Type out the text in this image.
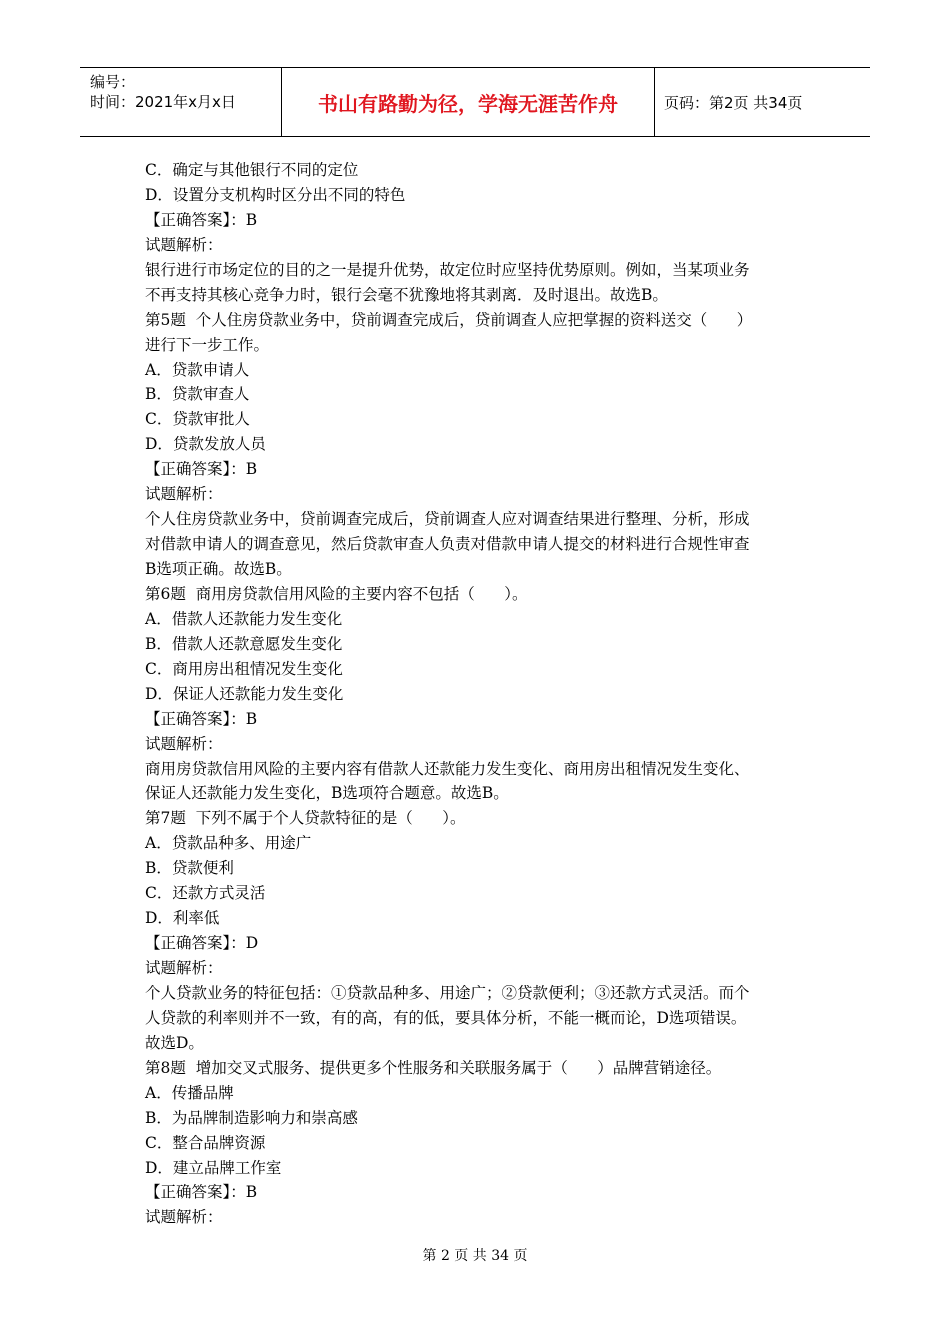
编号：
时间：2021年x月x日	书山有路勤为径，学海无涯苦作舟	页码：第2页 共34页
C．确定与其他银行不同的定位
D．设置分支机构时区分出不同的特色
【正确答案】：B
试题解析：
银行进行市场定位的目的之一是提升优势，故定位时应坚持优势原则。例如，当某项业务
不再支持其核心竞争力时，银行会毫不犹豫地将其剥离．及时退出。故选B。
第5题  个人住房贷款业务中，贷前调查完成后，贷前调查人应把掌握的资料送交（      ）
进行下一步工作。
A．贷款申请人
B．贷款审查人
C．贷款审批人
D．贷款发放人员
【正确答案】：B
试题解析：
个人住房贷款业务中，贷前调查完成后，贷前调查人应对调查结果进行整理、分析，形成
对借款申请人的调查意见，然后贷款审查人负责对借款申请人提交的材料进行合规性审查
B选项正确。故选B。
第6题  商用房贷款信用风险的主要内容不包括（      ）。
A．借款人还款能力发生变化
B．借款人还款意愿发生变化
C．商用房出租情况发生变化
D．保证人还款能力发生变化
【正确答案】：B
试题解析：
商用房贷款信用风险的主要内容有借款人还款能力发生变化、商用房出租情况发生变化、
保证人还款能力发生变化，B选项符合题意。故选B。
第7题  下列不属于个人贷款特征的是（      ）。
A．贷款品种多、用途广
B．贷款便利
C．还款方式灵活
D．利率低
【正确答案】：D
试题解析：
个人贷款业务的特征包括：①贷款品种多、用途广；②贷款便利；③还款方式灵活。而个
人贷款的利率则并不一致，有的高，有的低，要具体分析，不能一概而论，D选项错误。
故选D。
第8题  增加交叉式服务、提供更多个性服务和关联服务属于（      ）品牌营销途径。
A．传播品牌
B．为品牌制造影响力和崇高感
C．整合品牌资源
D．建立品牌工作室
【正确答案】：B
试题解析：
第 2 页 共 34 页
